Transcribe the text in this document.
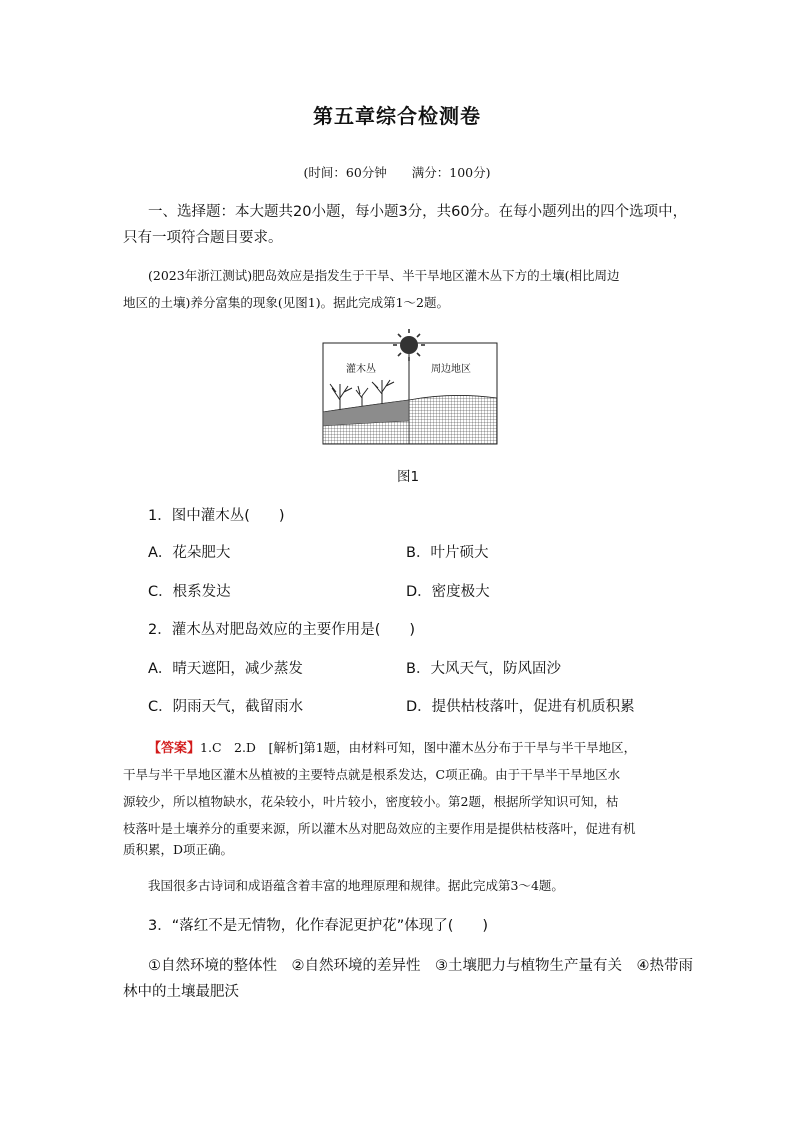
第五章综合检测卷
(时间：60分钟　　满分：100分)
一、选择题：本大题共20小题，每小题3分，共60分。在每小题列出的四个选项中，
只有一项符合题目要求。
(2023年浙江测试)肥岛效应是指发生于干旱、半干旱地区灌木丛下方的土壤(相比周边
地区的土壤)养分富集的现象(见图1)。据此完成第1～2题。
灌木丛	周边地区
图1
1．图中灌木丛(　　)
A．花朵肥大	B．叶片硕大
C．根系发达	D．密度极大
2．灌木丛对肥岛效应的主要作用是(　　)
A．晴天遮阳，减少蒸发	B．大风天气，防风固沙
C．阴雨天气，截留雨水	D．提供枯枝落叶，促进有机质积累
【答案】1.C　2.D　[解析]第1题，由材料可知，图中灌木丛分布于干旱与半干旱地区，
干旱与半干旱地区灌木丛植被的主要特点就是根系发达，C项正确。由于干旱半干旱地区水
源较少，所以植物缺水，花朵较小，叶片较小，密度较小。第2题，根据所学知识可知，枯
枝落叶是土壤养分的重要来源，所以灌木丛对肥岛效应的主要作用是提供枯枝落叶，促进有机
质积累，D项正确。
我国很多古诗词和成语蕴含着丰富的地理原理和规律。据此完成第3～4题。
3．“落红不是无情物，化作春泥更护花”体现了(　　)
①自然环境的整体性　②自然环境的差异性　③土壤肥力与植物生产量有关　④热带雨
林中的土壤最肥沃
